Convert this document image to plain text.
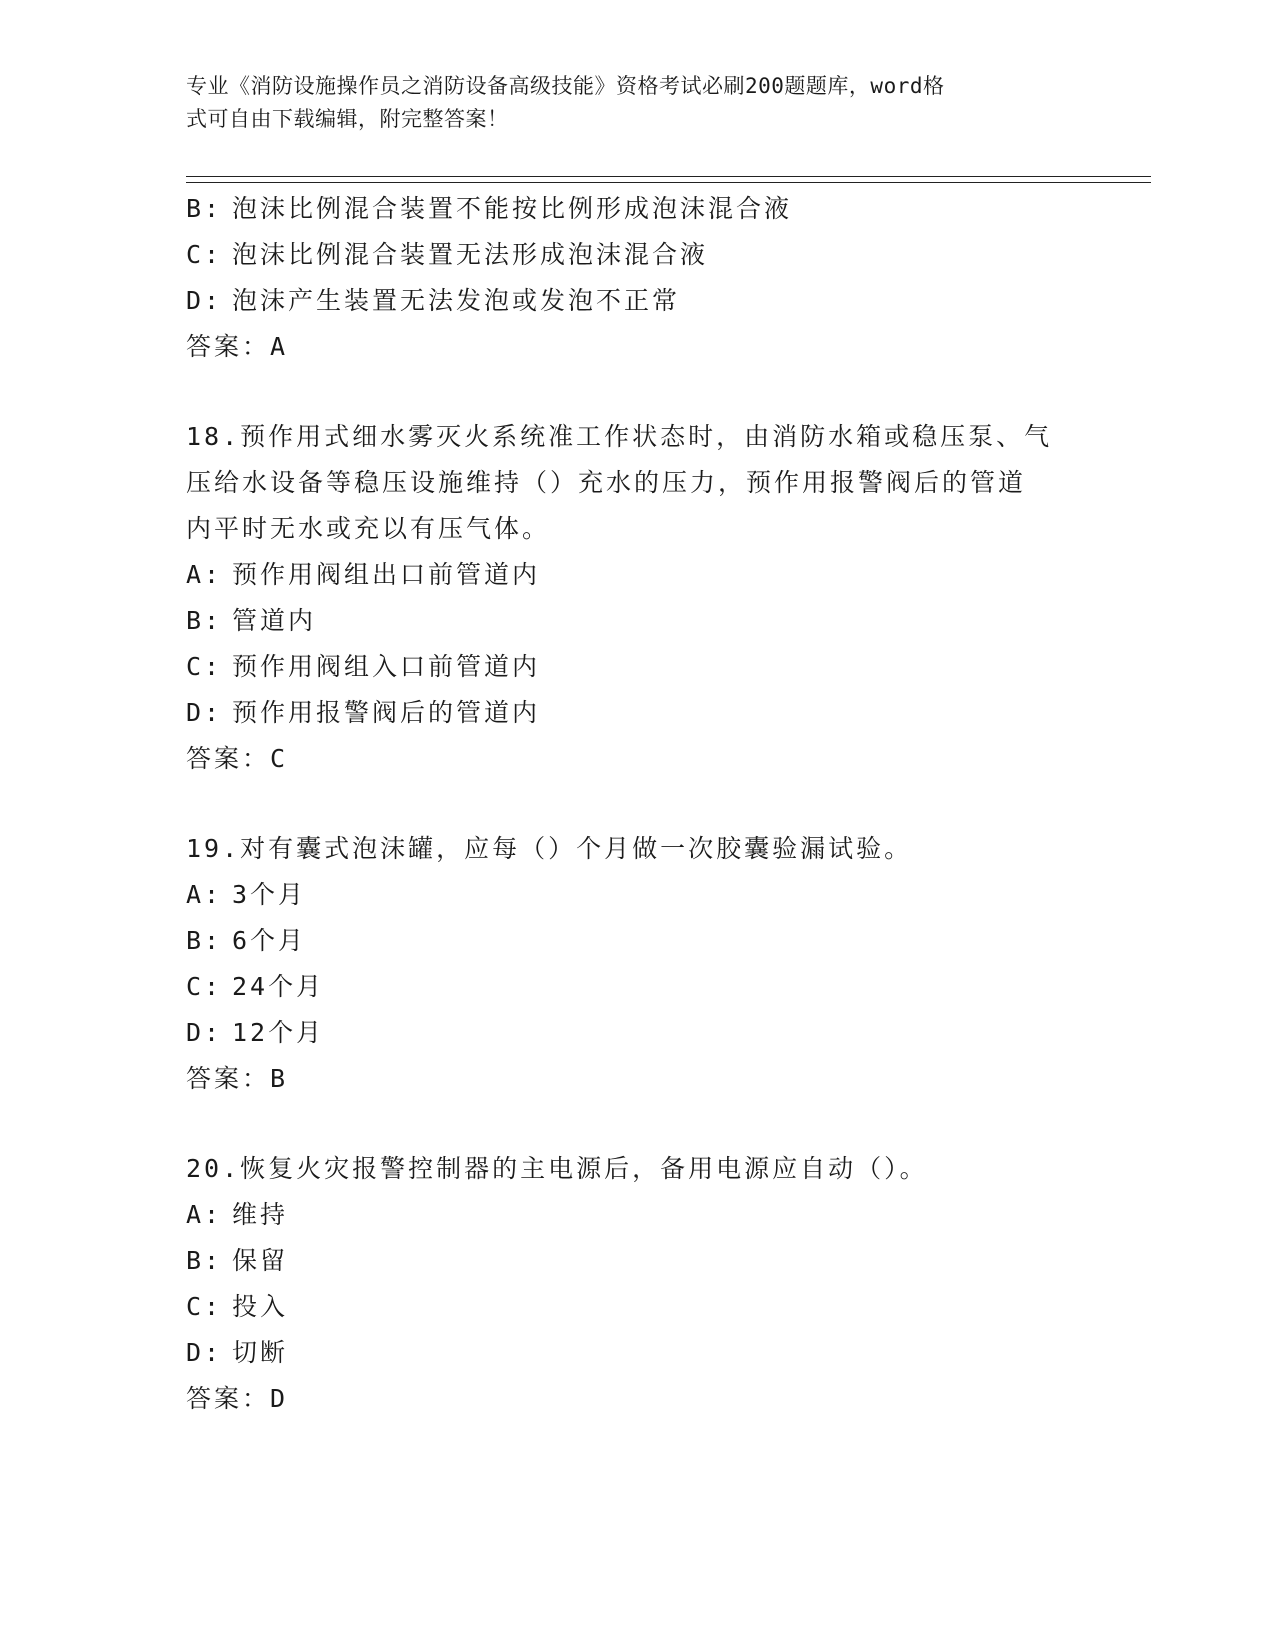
专业《消防设施操作员之消防设备高级技能》资格考试必刷200题题库，word格
式可自由下载编辑，附完整答案！
B: 泡沫比例混合装置不能按比例形成泡沫混合液
C: 泡沫比例混合装置无法形成泡沫混合液
D: 泡沫产生装置无法发泡或发泡不正常
答案：A
18.预作用式细水雾灭火系统准工作状态时，由消防水箱或稳压泵、气
压给水设备等稳压设施维持（）充水的压力，预作用报警阀后的管道
内平时无水或充以有压气体。
A: 预作用阀组出口前管道内
B: 管道内
C: 预作用阀组入口前管道内
D: 预作用报警阀后的管道内
答案：C
19.对有囊式泡沫罐，应每（）个月做一次胶囊验漏试验。
A: 3个月
B: 6个月
C: 24个月
D: 12个月
答案：B
20.恢复火灾报警控制器的主电源后，备用电源应自动（）。
A: 维持
B: 保留
C: 投入
D: 切断
答案：D
